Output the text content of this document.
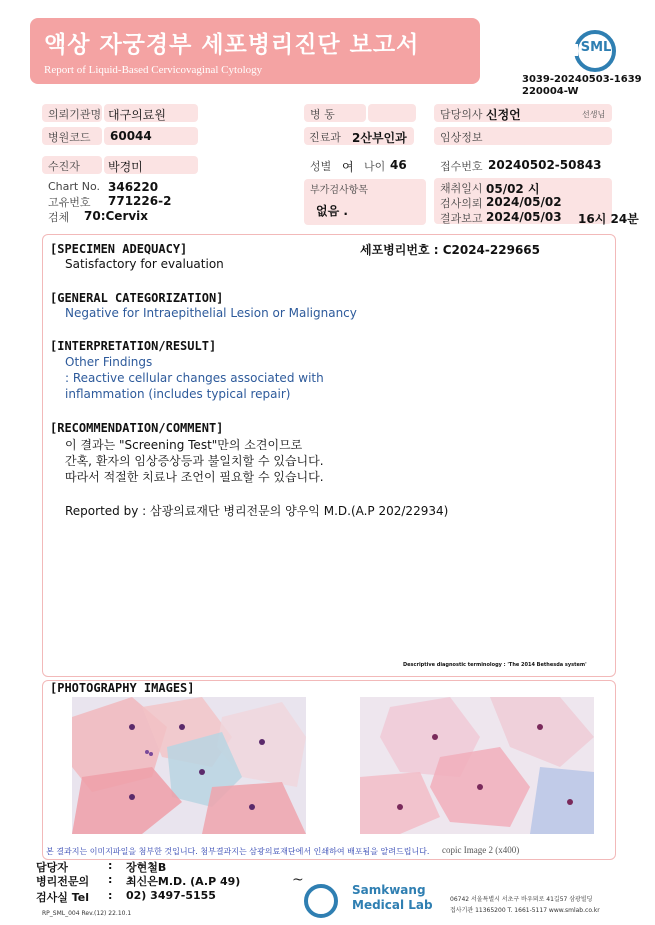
액상 자궁경부 세포병리진단 보고서
Report of Liquid-Based Cervicovaginal Cytology
SML
3039-20240503-1639
220004-W
의뢰기관명 대구의료원	병 동	담당의사 신정언	선생님
병원코드	60044	진료과 2산부인과	임상정보
수진자	박경미	성별 여 나이 46	접수번호 20240502-50843
Chart No. 346220
고유번호 771226-2
검체 70:Cervix
부가검사항목
없음 .
채취일시 05/02 시
검사의뢰 2024/05/02
결과보고 2024/05/03 16시 24분
[SPECIMEN ADEQUACY]	세포병리번호 : C2024-229665
Satisfactory for evaluation
[GENERAL CATEGORIZATION]
Negative for Intraepithelial Lesion or Malignancy
[INTERPRETATION/RESULT]
Other Findings
: Reactive cellular changes associated with
inflammation (includes typical repair)
[RECOMMENDATION/COMMENT]
이 결과는 "Screening Test"만의 소견이므로
간혹, 환자의 임상증상등과 불일치할 수 있습니다.
따라서 적절한 치료나 조언이 필요할 수 있습니다.
Reported by : 삼광의료재단 병리전문의 양우익 M.D.(A.P 202/22934)
Descriptive diagnostic terminology : 'The 2014 Bethesda system'
[PHOTOGRAPHY IMAGES]
copic Image 2 (x400)
본 결과지는 이미지파일을 첨부한 것입니다. 첨부결과지는 삼광의료재단에서 인쇄하여 배포됨을 알려드립니다.
담당자	: 장현철B
병리전문의 : 최신은M.D. (A.P 49)
검사실 Tel : 02) 3497-5155
RP_SML_004 Rev.(12) 22.10.1
~
Samkwang
Medical Lab	06742 서울특별시 서초구 바우뫼로 41길57 삼광빌딩
접사기관 11365200 T. 1661-5117 www.smlab.co.kr
